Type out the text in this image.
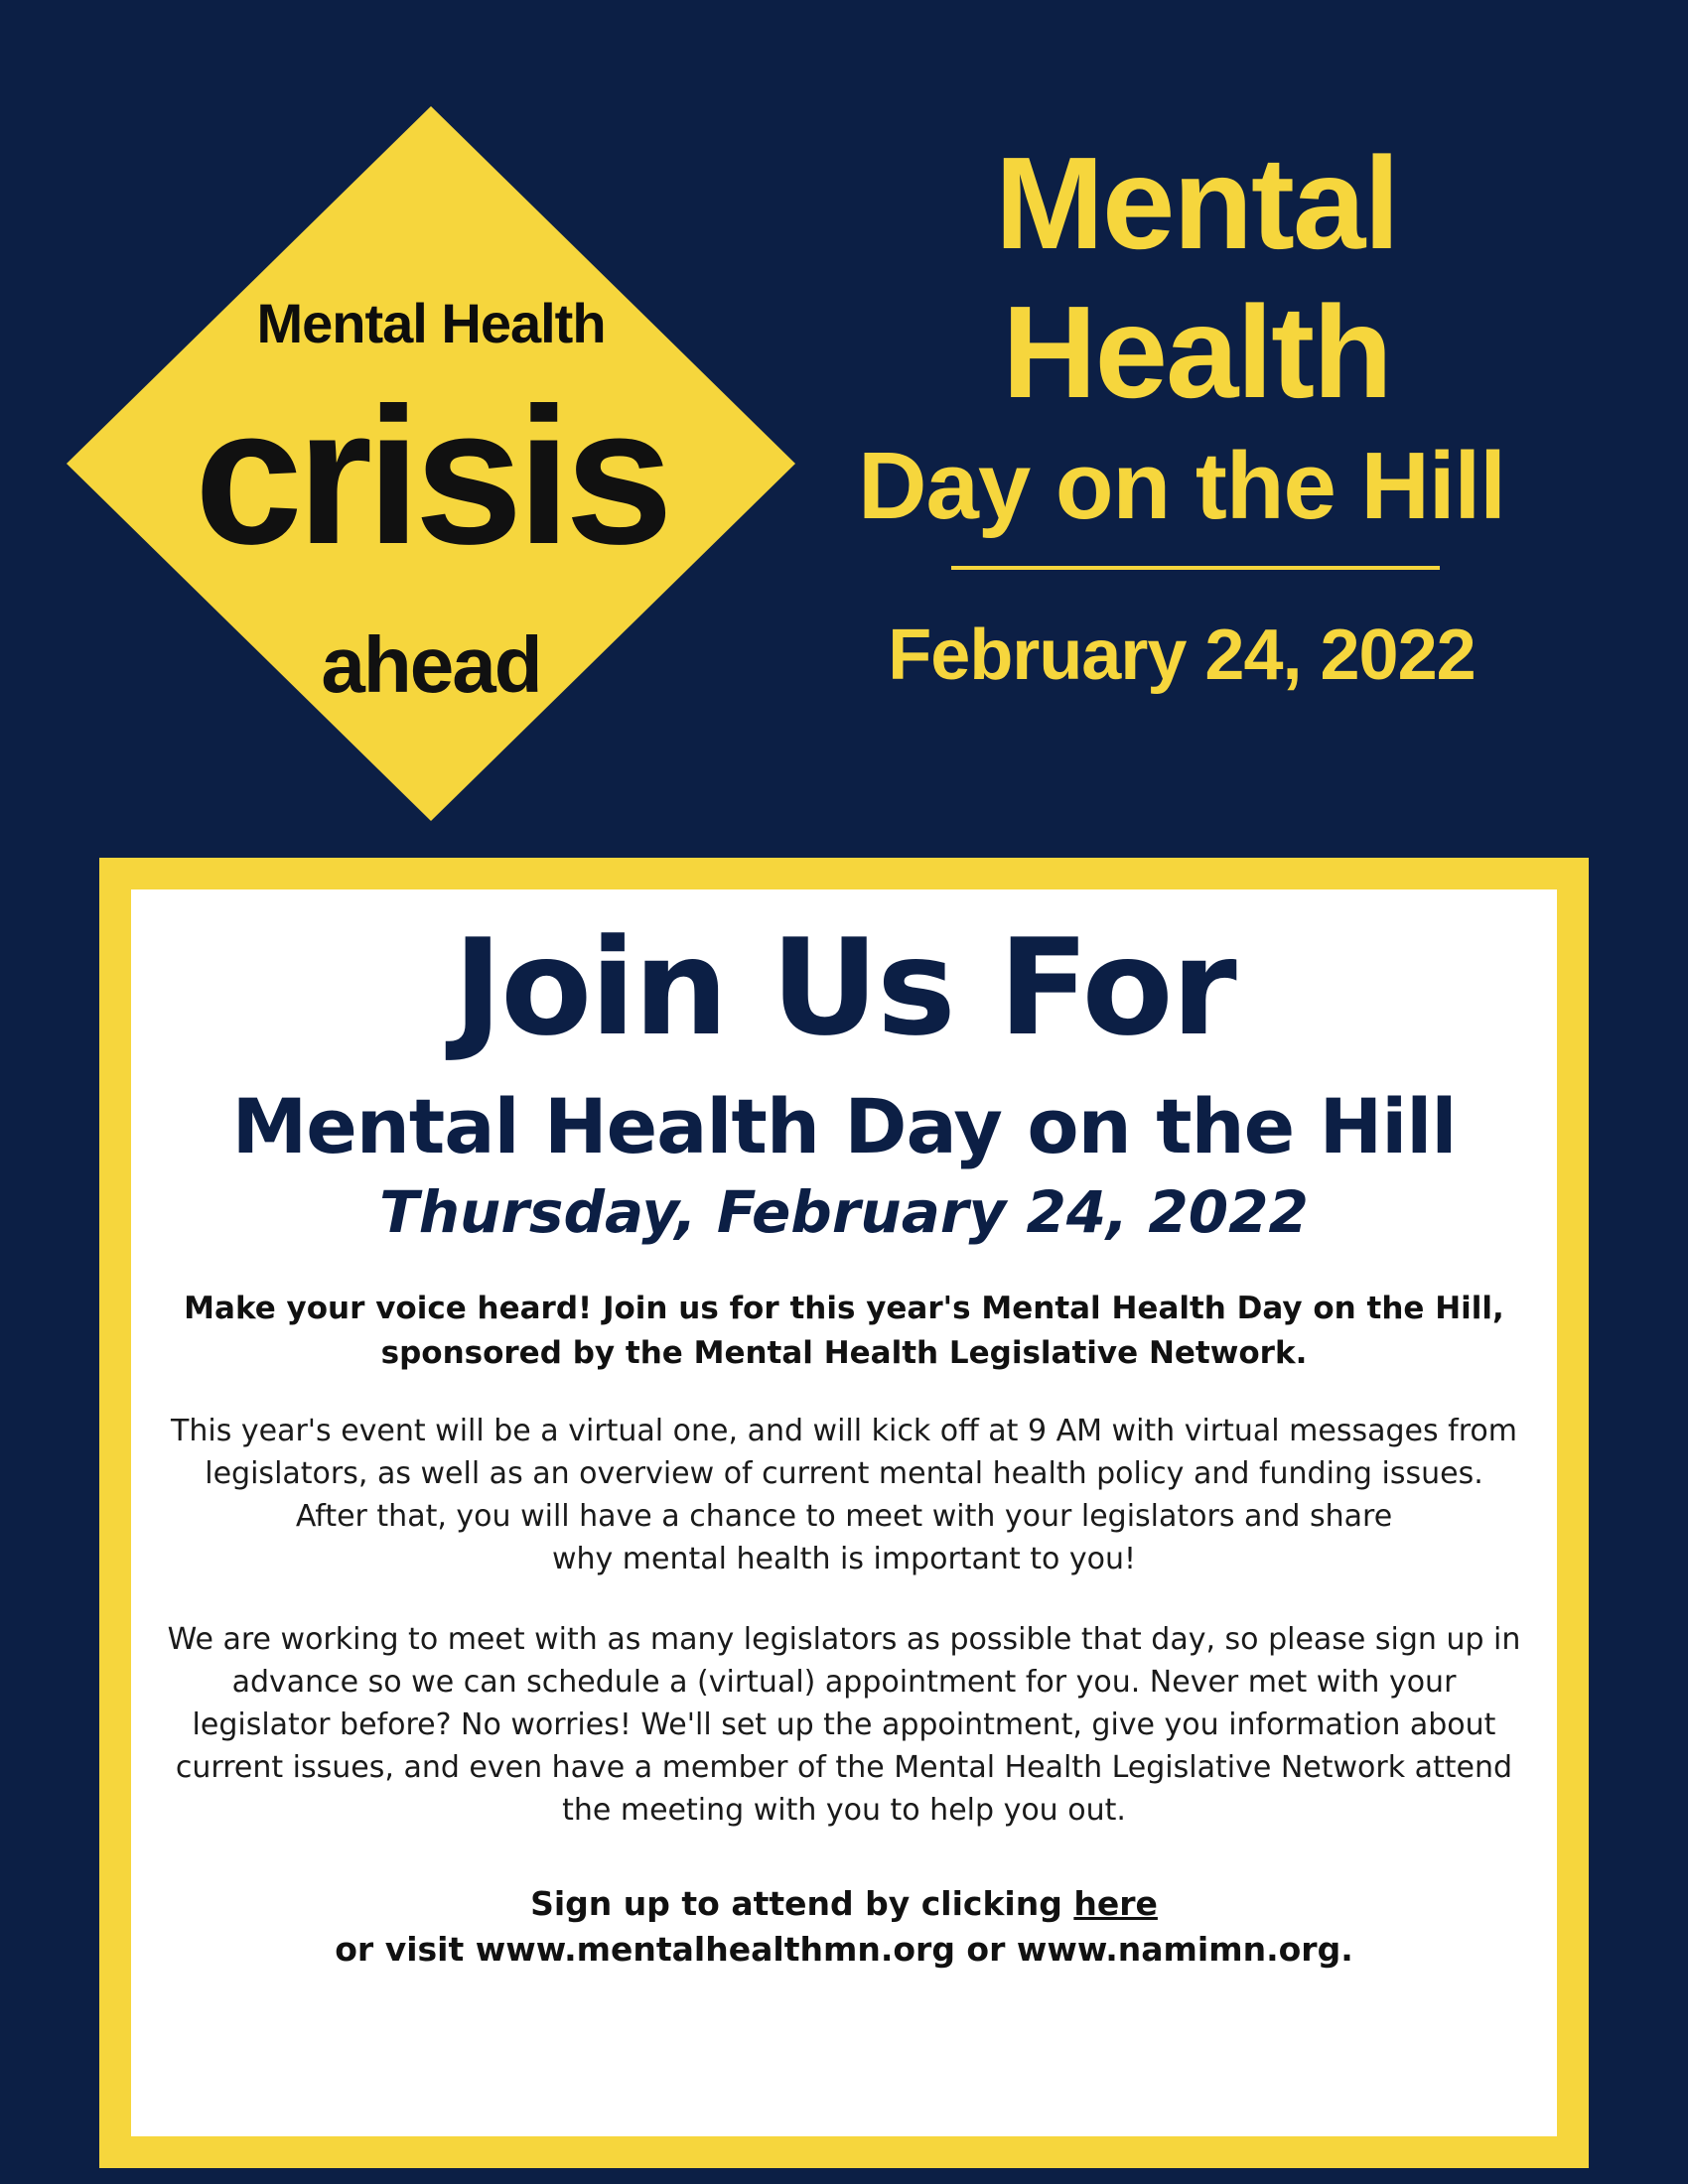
Mental Health
crisis
ahead
Mental Health
Day on the Hill
February 24, 2022
Join Us For
Mental Health Day on the Hill
Thursday, February 24, 2022
Make your voice heard! Join us for this year's Mental Health Day on the Hill,
sponsored by the Mental Health Legislative Network.

This year's event will be a virtual one, and will kick off at 9 AM with virtual messages from

legislators, as well as an overview of current mental health policy and funding issues.

After that, you will have a chance to meet with your legislators and share

why mental health is important to you!

We are working to meet with as many legislators as possible that day, so please sign up in

advance so we can schedule a (virtual) appointment for you. Never met with your

legislator before? No worries! We'll set up the appointment, give you information about

current issues, and even have a member of the Mental Health Legislative Network attend

the meeting with you to help you out.

Sign up to attend by clicking here
or visit www.mentalhealthmn.org or www.namimn.org.
